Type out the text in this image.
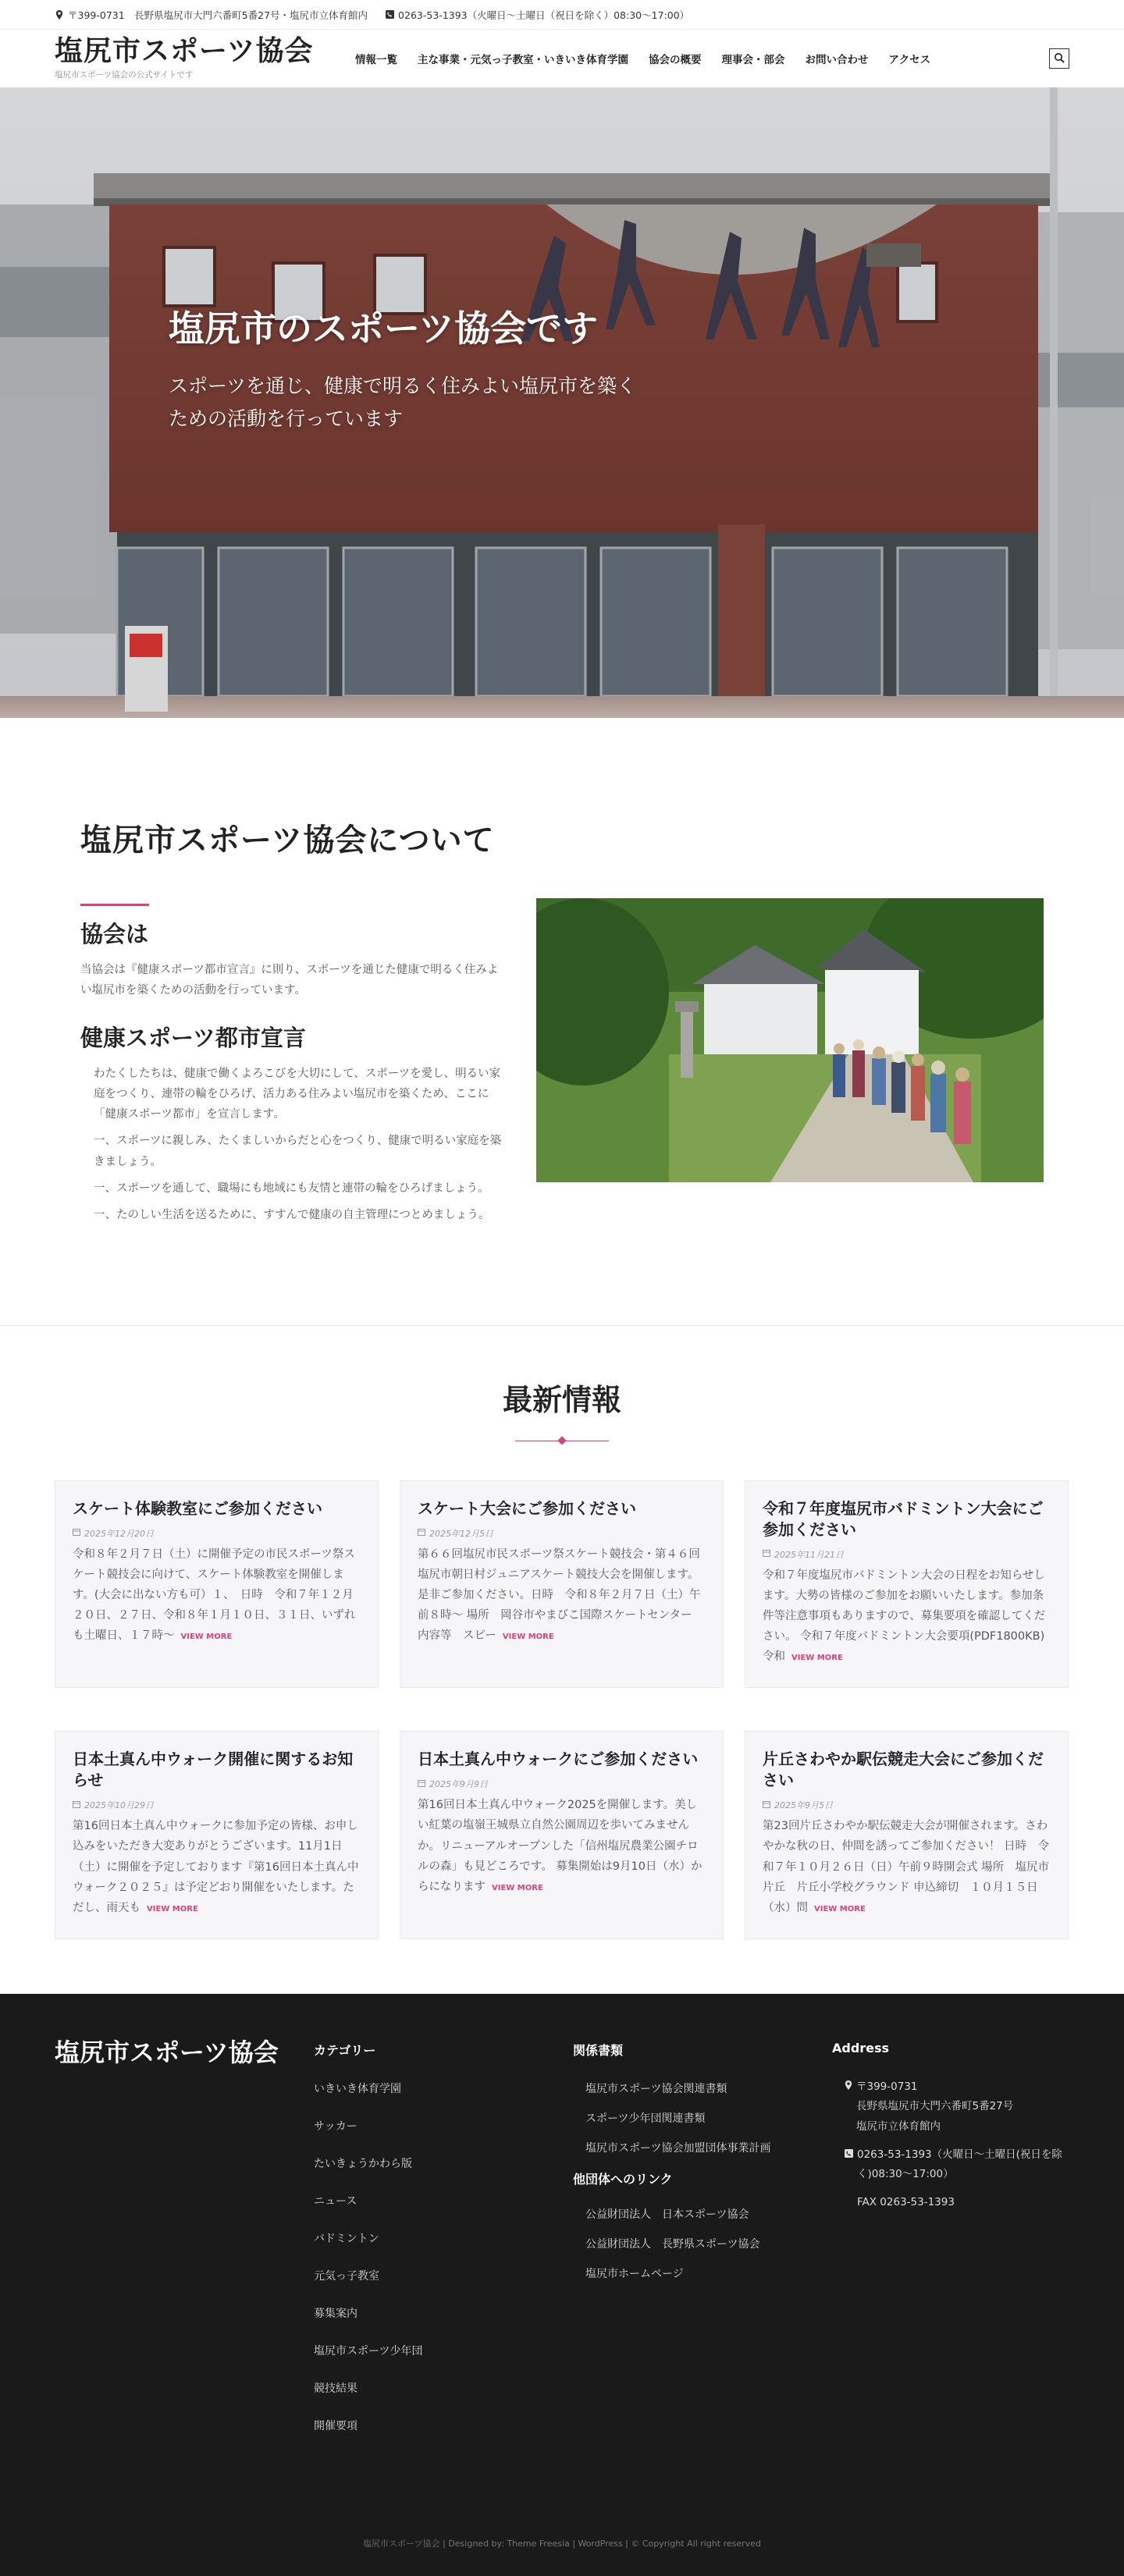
〒399-0731　長野県塩尻市大門六番町5番27号・塩尻市立体育館内	0263-53-1393（火曜日〜土曜日（祝日を除く）08:30〜17:00）
塩尻市スポーツ協会
塩尻市スポーツ協会の公式サイトです
情報一覧 主な事業・元気っ子教室・いきいき体育学園 協会の概要 理事会・部会 お問い合わせ アクセス
塩尻市のスポーツ協会です

スポーツを通じ、健康で明るく住みよい塩尻市を築くための活動を行っています

塩尻市スポーツ協会について
協会は

当協会は『健康スポーツ都市宣言』に則り、スポーツを通じた健康で明るく住みよい塩尻市を築くための活動を行っています。

健康スポーツ都市宣言

わたくしたちは、健康で働くよろこびを大切にして、スポーツを愛し、明るい家庭をつくり、連帯の輪をひろげ、活力ある住みよい塩尻市を築くため、ここに「健康スポーツ都市」を宣言します。

一、スポーツに親しみ、たくましいからだと心をつくり、健康で明るい家庭を築きましょう。

一、スポーツを通して、職場にも地域にも友情と連帯の輪をひろげましょう。

一、たのしい生活を送るために、すすんで健康の自主管理につとめましょう。

最新情報
スケート体験教室にご参加ください
2025年12月20日

令和８年２月７日（土）に開催予定の市民スポーツ祭スケート競技会に向けて、スケート体験教室を開催します。(大会に出ない方も可）１、　日時　令和７年１２月２０日、２７日、令和８年１月１０日、３１日、いずれも土曜日、１７時〜 VIEW MORE

スケート大会にご参加ください
2025年12月5日

第６６回塩尻市民スポーツ祭スケート競技会・第４６回塩尻市朝日村ジュニアスケート競技大会を開催します。是非ご参加ください。日時　令和８年２月７日（土）午前８時〜 場所　岡谷市やまびこ国際スケートセンター 内容等　スピー VIEW MORE

令和７年度塩尻市バドミントン大会にご参加ください
2025年11月21日

令和７年度塩尻市バドミントン大会の日程をお知らせします。大勢の皆様のご参加をお願いいたします。参加条件等注意事項もありますので、募集要項を確認してください。 令和７年度バドミントン大会要項(PDF1800KB) 令和 VIEW MORE

日本土真ん中ウォーク開催に関するお知らせ
2025年10月29日

第16回日本土真ん中ウォークに参加予定の皆様、お申し込みをいただき大変ありがとうございます。11月1日（土）に開催を予定しております『第16回日本土真ん中ウォーク２０２５』は予定どおり開催をいたします。ただし、雨天も VIEW MORE

日本土真ん中ウォークにご参加ください
2025年9月9日

第16回日本土真ん中ウォーク2025を開催します。美しい紅葉の塩嶺王城県立自然公園周辺を歩いてみませんか。リニューアルオープンした「信州塩尻農業公園チロルの森」も見どころです。 募集開始は9月10日（水）からになります VIEW MORE

片丘さわやか駅伝競走大会にご参加ください
2025年9月5日

第23回片丘さわやか駅伝競走大会が開催されます。さわやかな秋の日、仲間を誘ってご参加ください！ 日時　令和７年１０月２６日（日）午前９時開会式 場所　塩尻市片丘　片丘小学校グラウンド 申込締切　１０月１５日（水）問 VIEW MORE

塩尻市スポーツ協会	カテゴリー
いきいき体育学園
サッカー
たいきょうかわら版
ニュース
バドミントン
元気っ子教室
募集案内
塩尻市スポーツ少年団
競技結果
開催要項
関係書類
塩尻市スポーツ協会関連書類
スポーツ少年団関連書類
塩尻市スポーツ協会加盟団体事業計画
他団体へのリンク
公益財団法人　日本スポーツ協会
公益財団法人　長野県スポーツ協会
塩尻市ホームページ
Address
〒399-0731
長野県塩尻市大門六番町5番27号
塩尻市立体育館内
0263-53-1393（火曜日〜土曜日(祝日を除く)08:30〜17:00）
FAX 0263-53-1393
塩尻市スポーツ協会 | Designed by: Theme Freesia | WordPress | © Copyright All right reserved
